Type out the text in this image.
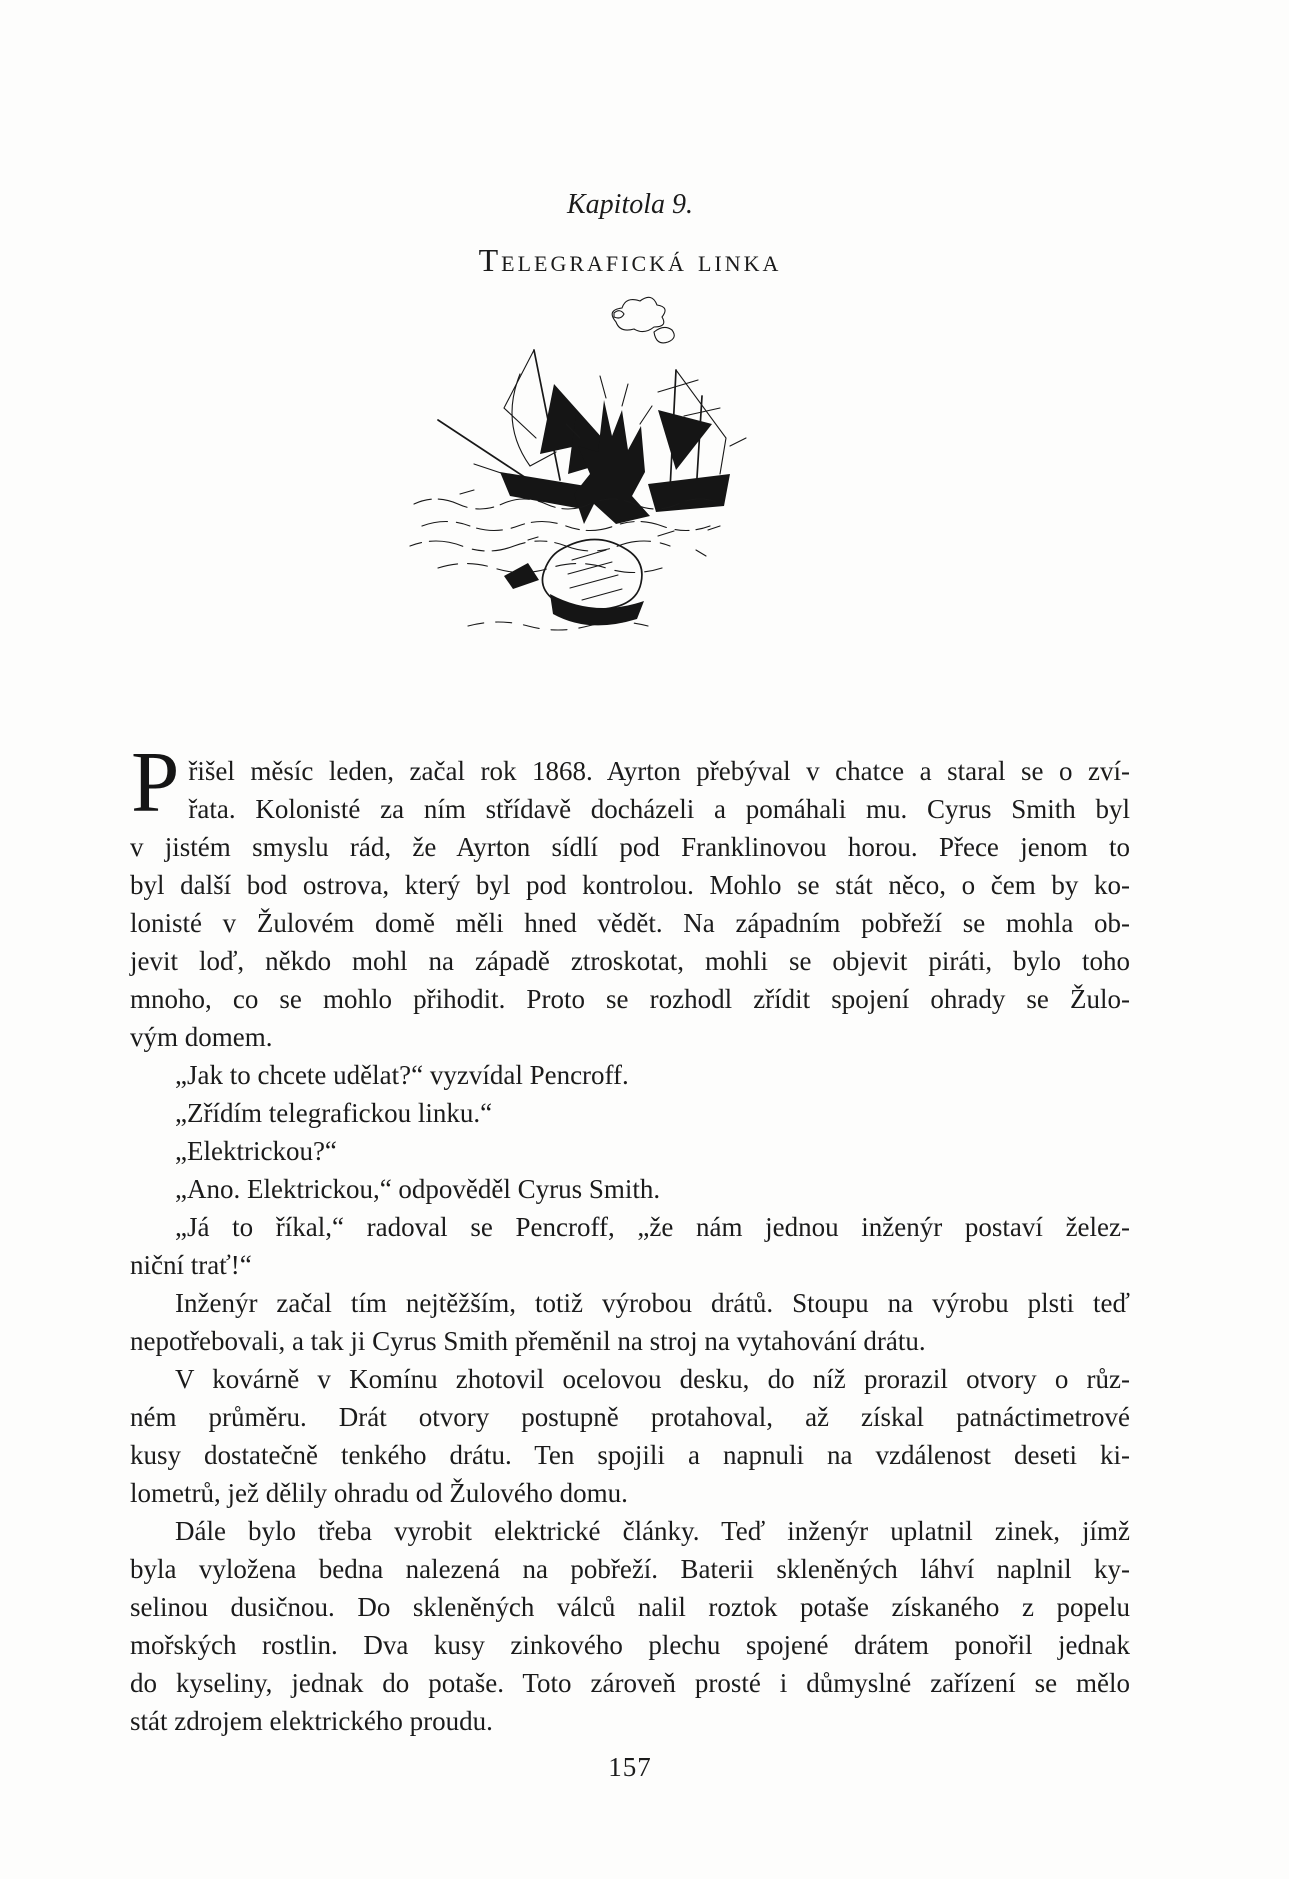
Kapitola 9.
Telegrafická linka
P řišel měsíc leden, začal rok 1868. Ayrton přebýval v chatce a staral se o zví-
řata. Kolonisté za ním střídavě docházeli a pomáhali mu. Cyrus Smith byl
v jistém smyslu rád, že Ayrton sídlí pod Franklinovou horou. Přece jenom to
byl další bod ostrova, který byl pod kontrolou. Mohlo se stát něco, o čem by ko-
lonisté v Žulovém domě měli hned vědět. Na západním pobřeží se mohla ob-
jevit loď, někdo mohl na západě ztroskotat, mohli se objevit piráti, bylo toho
mnoho, co se mohlo přihodit. Proto se rozhodl zřídit spojení ohrady se Žulo-
vým domem.
„Jak to chcete udělat?“ vyzvídal Pencroff.
„Zřídím telegrafickou linku.“
„Elektrickou?“
„Ano. Elektrickou,“ odpověděl Cyrus Smith.
„Já to říkal,“ radoval se Pencroff, „že nám jednou inženýr postaví želez-
niční trať!“
Inženýr začal tím nejtěžším, totiž výrobou drátů. Stoupu na výrobu plsti teď
nepotřebovali, a tak ji Cyrus Smith přeměnil na stroj na vytahování drátu.
V kovárně v Komínu zhotovil ocelovou desku, do níž prorazil otvory o růz-
ném průměru. Drát otvory postupně protahoval, až získal patnáctimetrové
kusy dostatečně tenkého drátu. Ten spojili a napnuli na vzdálenost deseti ki-
lometrů, jež dělily ohradu od Žulového domu.
Dále bylo třeba vyrobit elektrické články. Teď inženýr uplatnil zinek, jímž
byla vyložena bedna nalezená na pobřeží. Baterii skleněných láhví naplnil ky-
selinou dusičnou. Do skleněných válců nalil roztok potaše získaného z popelu
mořských rostlin. Dva kusy zinkového plechu spojené drátem ponořil jednak
do kyseliny, jednak do potaše. Toto zároveň prosté i důmyslné zařízení se mělo
stát zdrojem elektrického proudu.
157
